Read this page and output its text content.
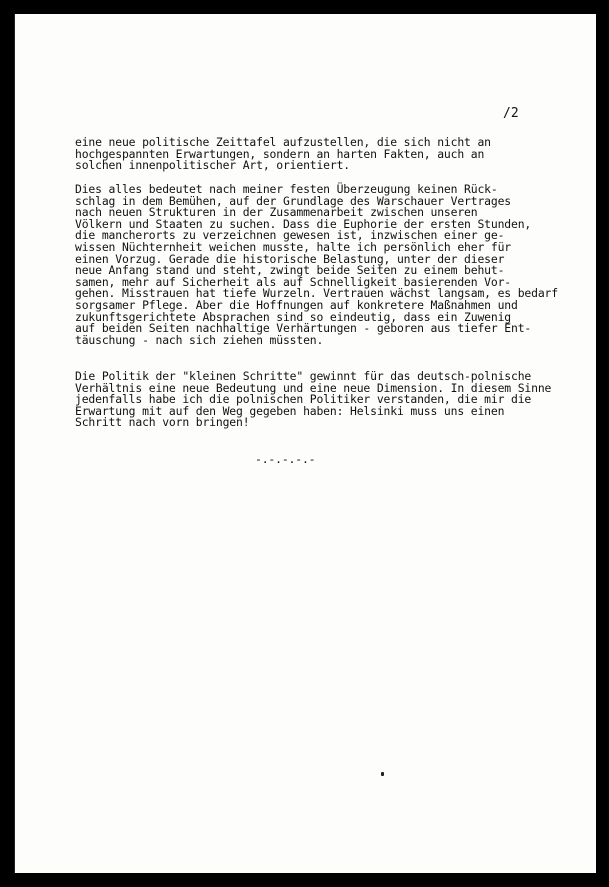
/2
eine neue politische Zeittafel aufzustellen, die sich nicht an
hochgespannten Erwartungen, sondern an harten Fakten, auch an
solchen innenpolitischer Art, orientiert.
Dies alles bedeutet nach meiner festen Überzeugung keinen Rück-
schlag in dem Bemühen, auf der Grundlage des Warschauer Vertrages
nach neuen Strukturen in der Zusammenarbeit zwischen unseren
Völkern und Staaten zu suchen. Dass die Euphorie der ersten Stunden,
die mancherorts zu verzeichnen gewesen ist, inzwischen einer ge-
wissen Nüchternheit weichen musste, halte ich persönlich eher für
einen Vorzug. Gerade die historische Belastung, unter der dieser
neue Anfang stand und steht, zwingt beide Seiten zu einem behut-
samen, mehr auf Sicherheit als auf Schnelligkeit basierenden Vor-
gehen. Misstrauen hat tiefe Wurzeln. Vertrauen wächst langsam, es bedarf
sorgsamer Pflege. Aber die Hoffnungen auf konkretere Maßnahmen und
zukunftsgerichtete Absprachen sind so eindeutig, dass ein Zuwenig
auf beiden Seiten nachhaltige Verhärtungen - geboren aus tiefer Ent-
täuschung - nach sich ziehen müssten.
Die Politik der "kleinen Schritte" gewinnt für das deutsch-polnische
Verhältnis eine neue Bedeutung und eine neue Dimension. In diesem Sinne
jedenfalls habe ich die polnischen Politiker verstanden, die mir die
Erwartung mit auf den Weg gegeben haben: Helsinki muss uns einen
Schritt nach vorn bringen!
-.-.-.-.-
